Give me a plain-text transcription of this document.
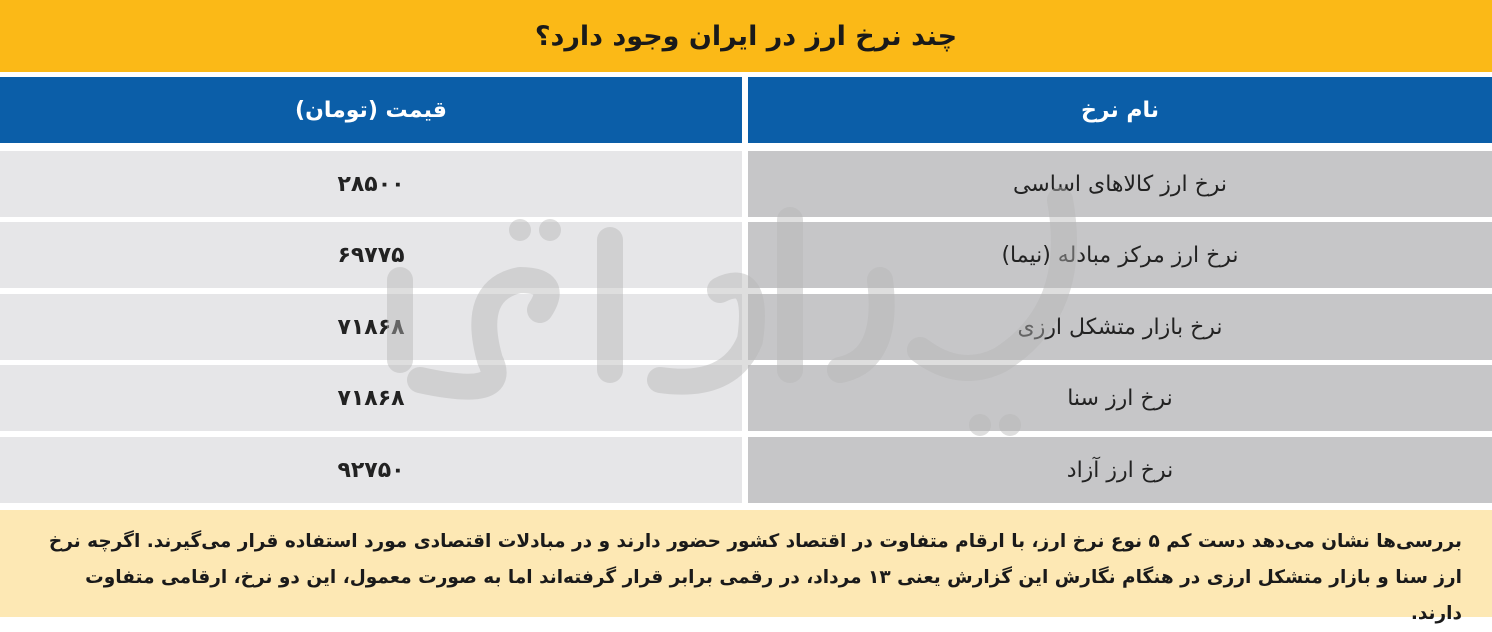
چند نرخ ارز در ایران وجود دارد؟
قیمت (تومان)	نام نرخ
۲۸۵۰۰	نرخ ارز کالاهای اساسی
۶۹۷۷۵	نرخ ارز مرکز مبادله (نیما)
۷۱۸۶۸	نرخ بازار متشکل ارزی
۷۱۸۶۸	نرخ ارز سنا
۹۲۷۵۰	نرخ ارز آزاد
بررسی‌ها نشان می‌دهد دست کم ۵ نوع نرخ ارز، با ارقام متفاوت در اقتصاد کشور حضور دارند و در مبادلات اقتصادی مورد استفاده قرار می‌گیرند. اگرچه نرخ ارز سنا و بازار متشکل ارزی در هنگام نگارش این گزارش یعنی ۱۳ مرداد، در رقمی برابر قرار گرفته‌اند اما به صورت معمول، این دو نرخ، ارقامی متفاوت دارند.
